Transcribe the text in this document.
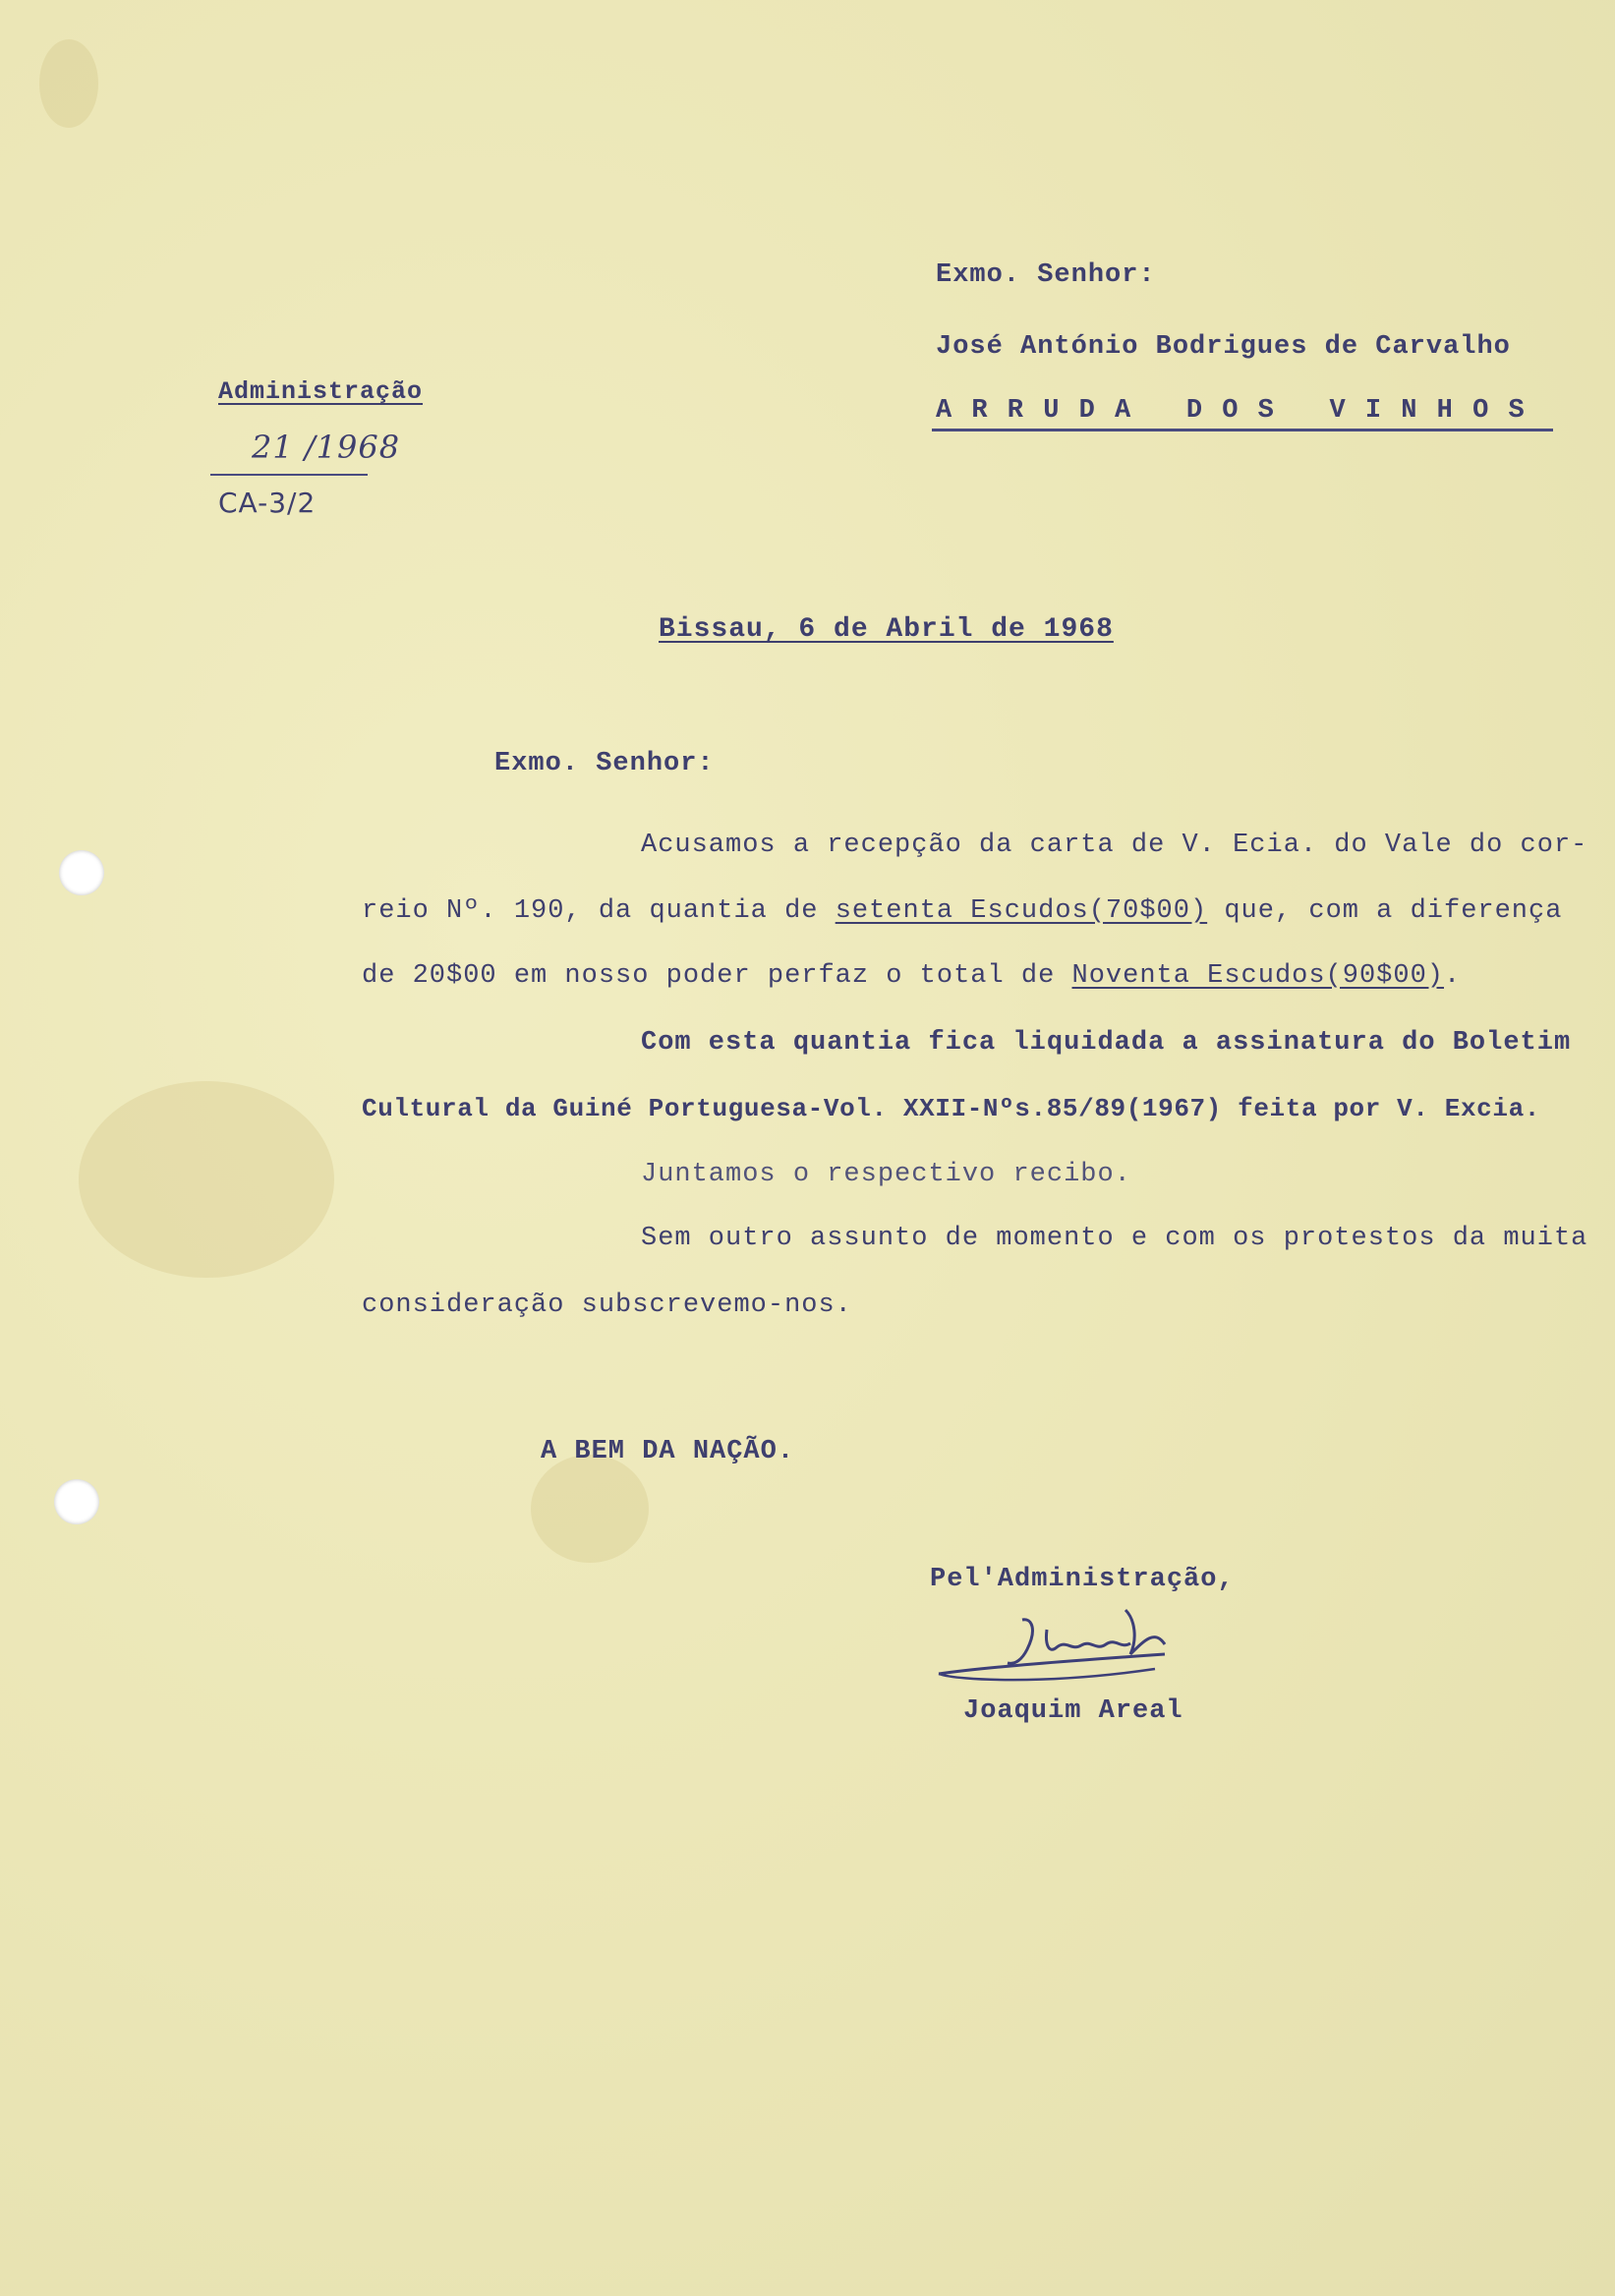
Exmo. Senhor:
José António Bodrigues de Carvalho
A R R U D A   D O S   V I N H O S
Administração
21 /1968
CA-3/2
Bissau, 6 de Abril de 1968
Exmo. Senhor:
Acusamos a recepção da carta de V. Ecia. do Vale do cor-
reio Nº. 190, da quantia de setenta Escudos(70$00) que, com a diferença
de 20$00 em nosso poder perfaz o total de Noventa Escudos(90$00).
Com esta quantia fica liquidada a assinatura do Boletim
Cultural da Guiné Portuguesa-Vol. XXII-Nºs.85/89(1967) feita por V. Excia.
Juntamos o respectivo recibo.
Sem outro assunto de momento e com os protestos da muita
consideração subscrevemo-nos.
A BEM DA NAÇÃO.
Pel'Administração,
Joaquim Areal
